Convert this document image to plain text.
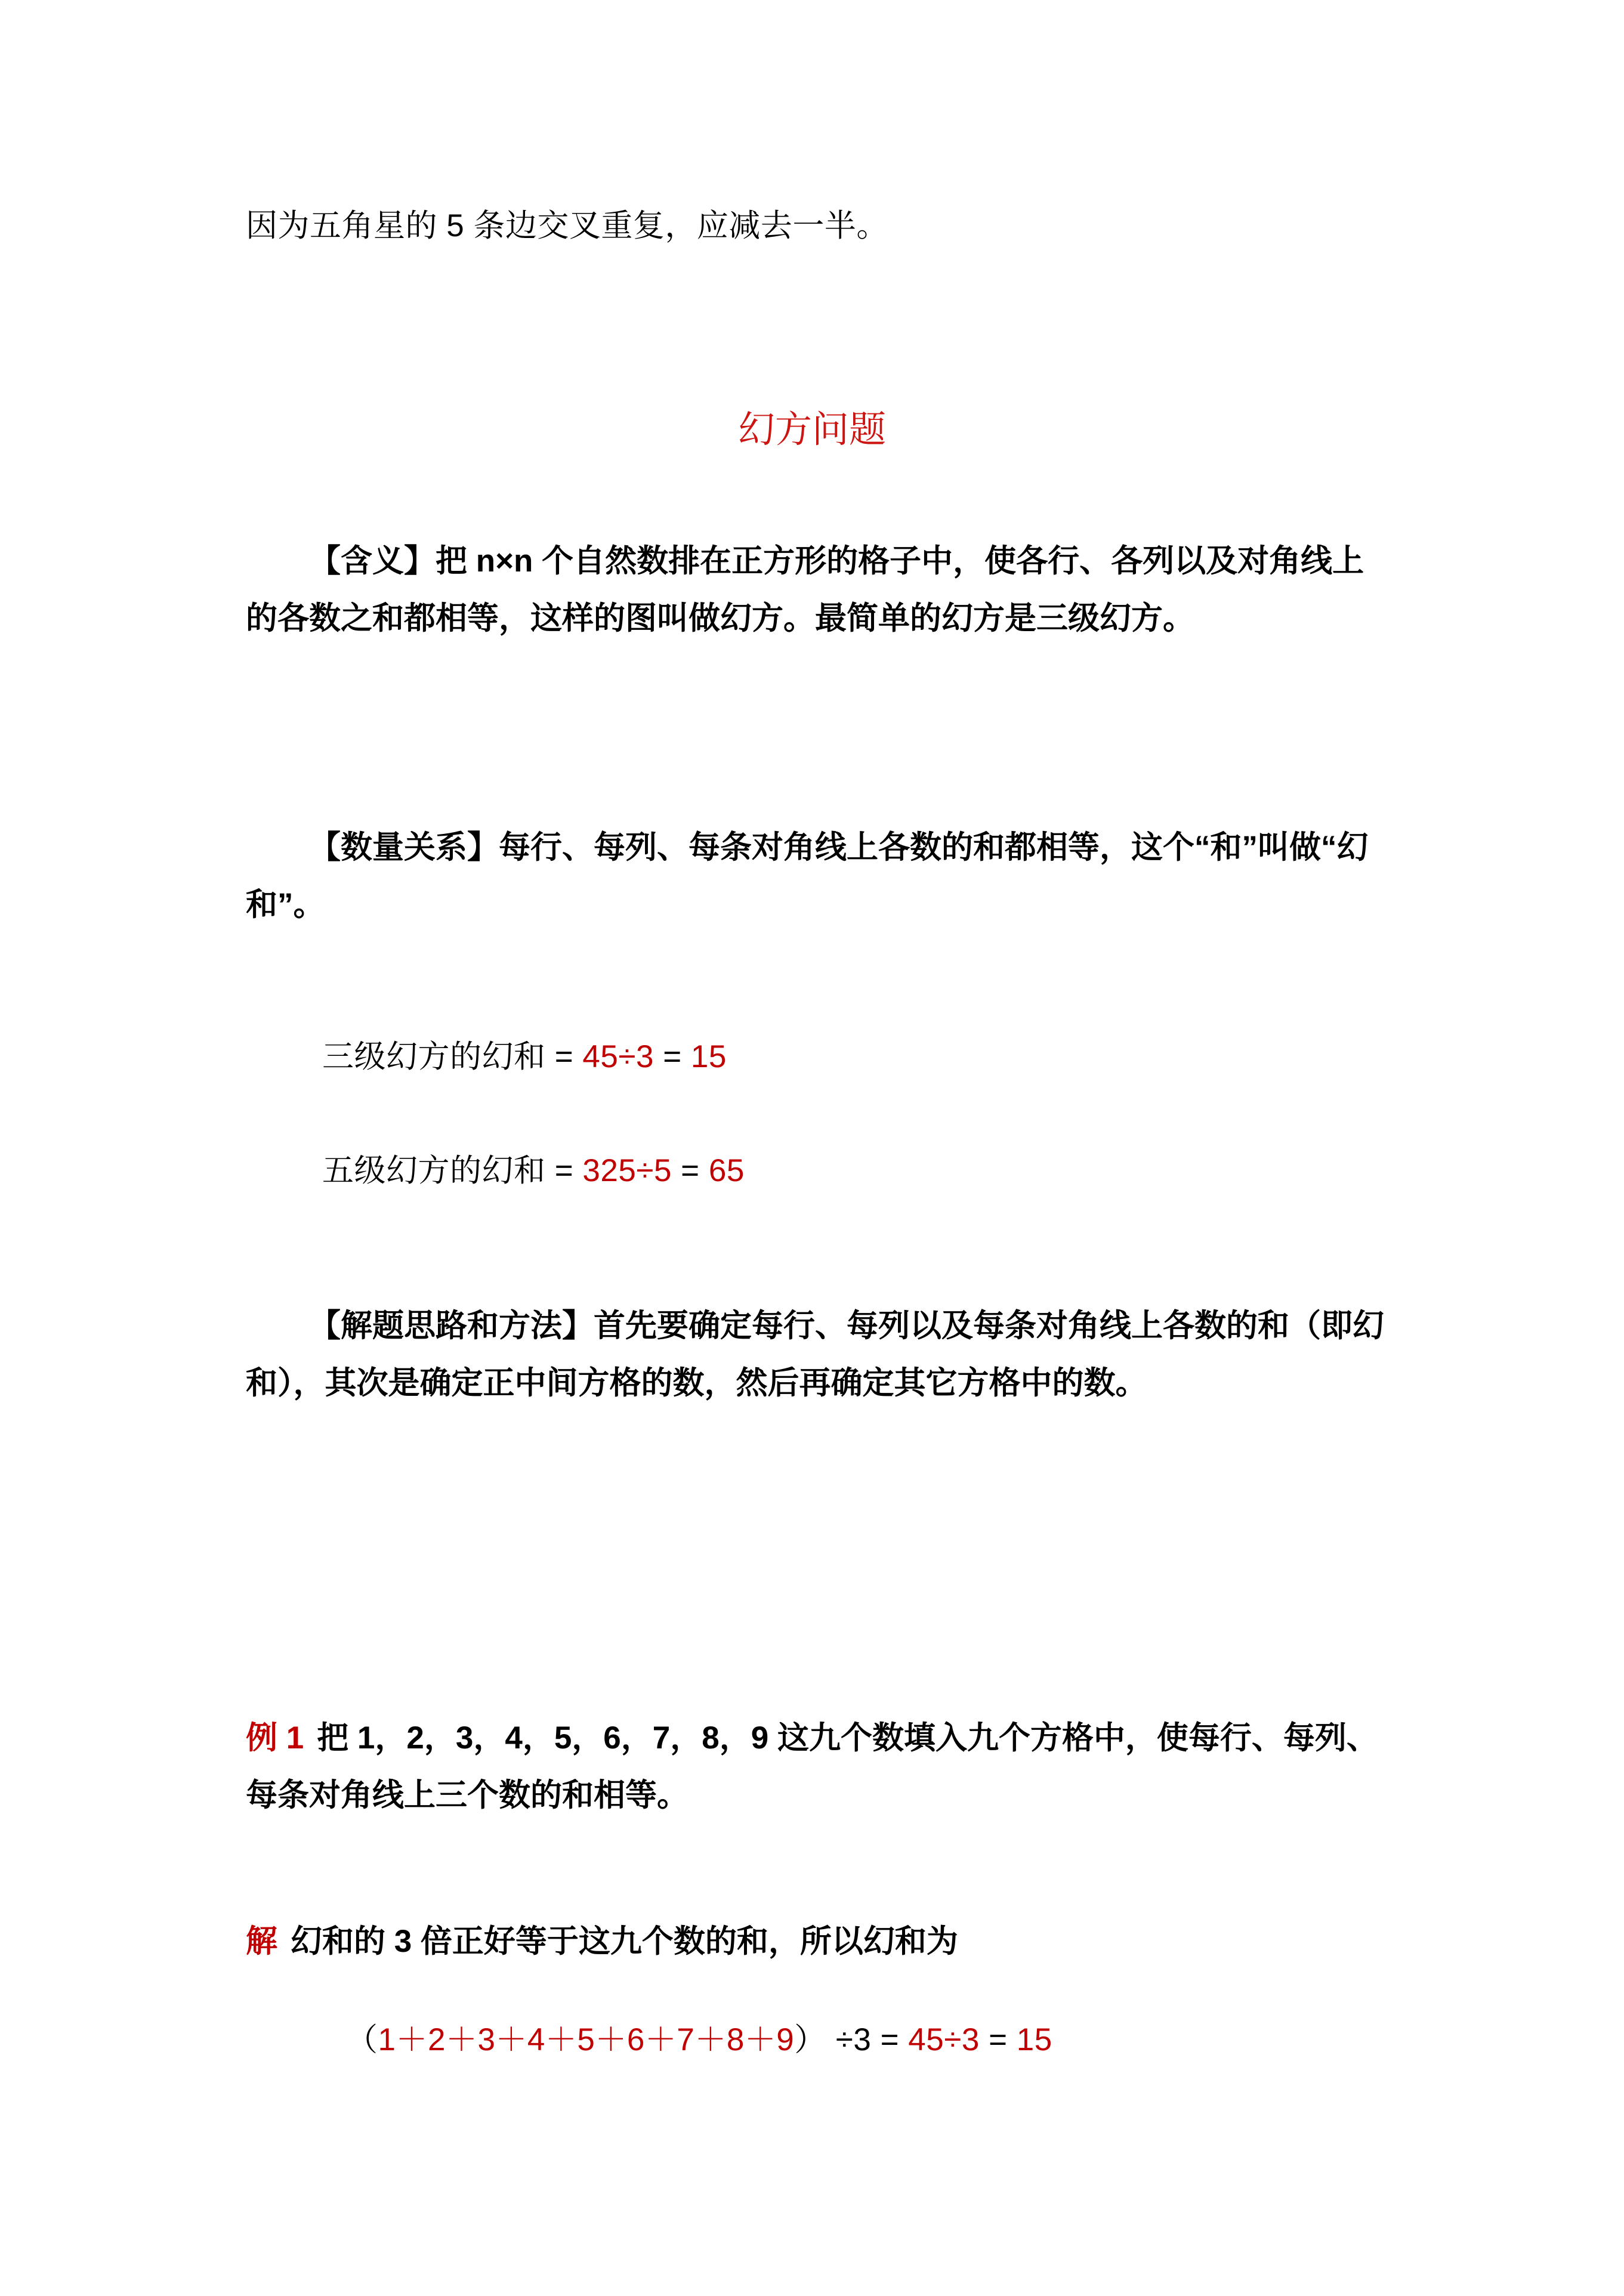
因为五角星的 5 条边交叉重复，应减去一半。
幻方问题
【含义】把 n×n 个自然数排在正方形的格子中，使各行、各列以及对角线上的各数之和都相等，这样的图叫做幻方。最简单的幻方是三级幻方。
【数量关系】每行、每列、每条对角线上各数的和都相等，这个“和”叫做“幻和”。
三级幻方的幻和 = 45÷3 = 15
五级幻方的幻和 = 325÷5 = 65
【解题思路和方法】首先要确定每行、每列以及每条对角线上各数的和（即幻和），其次是确定正中间方格的数，然后再确定其它方格中的数。
例 1 把 1，2，3，4，5，6，7，8，9 这九个数填入九个方格中，使每行、每列、每条对角线上三个数的和相等。
解 幻和的 3 倍正好等于这九个数的和，所以幻和为
（1＋2＋3＋4＋5＋6＋7＋8＋9） ÷3 = 45÷3 = 15
